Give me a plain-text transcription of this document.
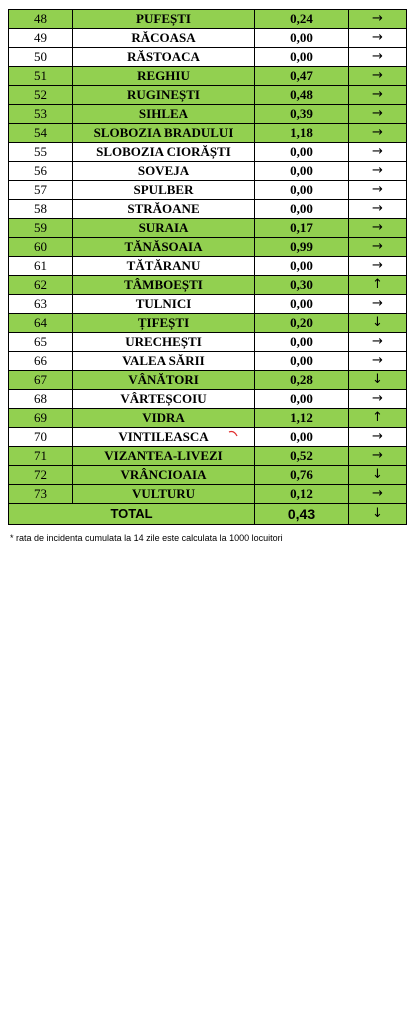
48	PUFEȘTI	0,24	→
49	RĂCOASA	0,00	→
50	RĂSTOACA	0,00	→
51	REGHIU	0,47	→
52	RUGINEȘTI	0,48	→
53	SIHLEA	0,39	→
54	SLOBOZIA BRADULUI	1,18	→
55	SLOBOZIA CIORĂȘTI	0,00	→
56	SOVEJA	0,00	→
57	SPULBER	0,00	→
58	STRĂOANE	0,00	→
59	SURAIA	0,17	→
60	TĂNĂSOAIA	0,99	→
61	TĂTĂRANU	0,00	→
62	TÂMBOEȘTI	0,30	↑
63	TULNICI	0,00	→
64	ȚIFEȘTI	0,20	↓
65	URECHEȘTI	0,00	→
66	VALEA SĂRII	0,00	→
67	VÂNĂTORI	0,28	↓
68	VÂRTEȘCOIU	0,00	→
69	VIDRA	1,12	↑
70	VINTILEASCA	0,00	→
71	VIZANTEA-LIVEZI	0,52	→
72	VRÂNCIOAIA	0,76	↓
73	VULTURU	0,12	→
TOTAL		0,43	↓
* rata de incidenta cumulata la 14 zile este calculata la 1000 locuitori
